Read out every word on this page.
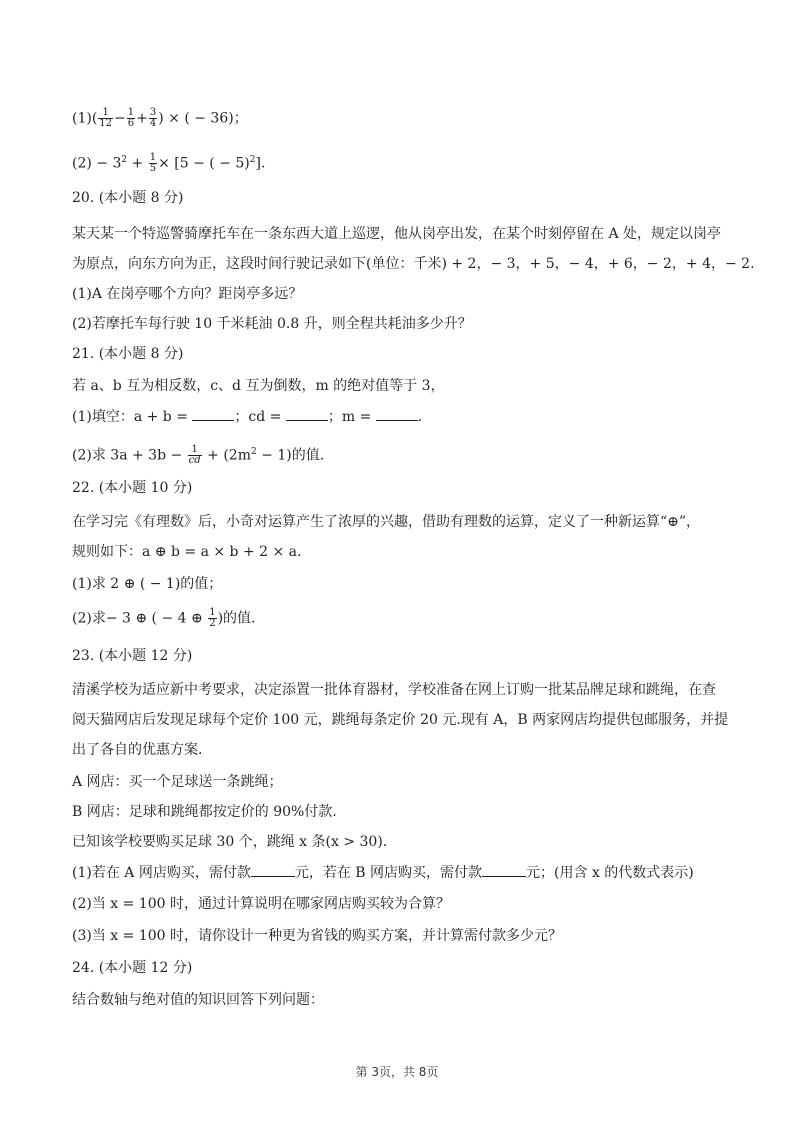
$(1)( \frac{1}{12} - \frac{1}{6} + \frac{3}{4}$ ) × ( − 36)；
$(2) - 3^2 + \frac{1}{5} \times [5$ − ( − 5)$^2$].
20. (本小题 8 分)
某天某一个特巡警骑摩托车在一条东西大道上巡逻，他从岗亭出发，在某个时刻停留在 A 处，规定以岗亭
为原点，向东方向为正，这段时间行驶记录如下(单位：千米) + 2，− 3，+ 5，− 4，+ 6，− 2，+ 4，− 2.
(1)A 在岗亭哪个方向？距岗亭多远？
(2)若摩托车每行驶 10 千米耗油 0.8 升，则全程共耗油多少升？
21. (本小题 8 分)
若 a、b 互为相反数，c、d 互为倒数，m 的绝对值等于 3，
(1)填空：a + b =	；cd =	；m =	.
(2)求 $3a + 3b - \frac{1}{cd} + (2m^2 - 1)$的值.
22. (本小题 10 分)
在学习完《有理数》后，小奇对运算产生了浓厚的兴趣，借助有理数的运算，定义了一种新运算“⊕”，
规则如下：a ⊕ b = a × b + 2 × a.
(1)求 2 ⊕ ( − 1)的值；
(2)求− 3 ⊕ ( − 4 ⊕ $\frac{1}{2}$ )的值.
23. (本小题 12 分)
清溪学校为适应新中考要求，决定添置一批体育器材，学校准备在网上订购一批某品牌足球和跳绳，在查
阅天猫网店后发现足球每个定价 100 元，跳绳每条定价 20 元.现有 A，B 两家网店均提供包邮服务，并提
出了各自的优惠方案.
A 网店：买一个足球送一条跳绳；
B 网店：足球和跳绳都按定价的 90%付款.
已知该学校要购买足球 30 个，跳绳 x 条(x > 30).
(1)若在 A 网店购买，需付款	元，若在 B 网店购买，需付款	元；(用含 x 的代数式表示)
(2)当 x = 100 时，通过计算说明在哪家网店购买较为合算？
(3)当 x = 100 时，请你设计一种更为省钱的购买方案，并计算需付款多少元？
24. (本小题 12 分)
结合数轴与绝对值的知识回答下列问题：
第 3页，共 8页
